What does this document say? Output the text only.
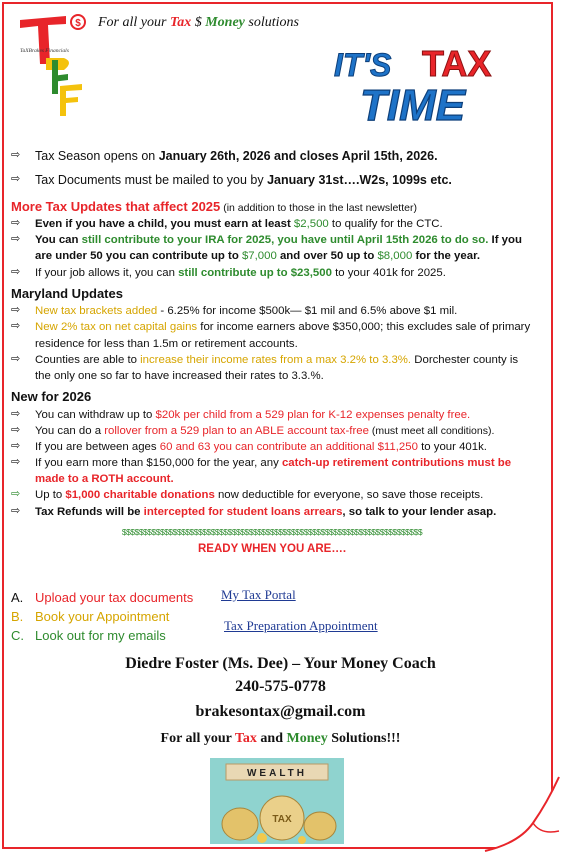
$
TaXBrakes Financials
For all your Tax $ Money solutions
IT'S TAX
TIME
⇨ Tax Season opens on January 26th, 2026 and closes April 15th, 2026.
⇨ Tax Documents must be mailed to you by January 31st….W2s, 1099s etc.
More Tax Updates that affect 2025 (in addition to those in the last newsletter)
⇨ Even if you have a child, you must earn at least $2,500 to qualify for the CTC.
⇨ You can still contribute to your IRA for 2025, you have until April 15th 2026 to do so. If you are under 50 you can contribute up to $7,000 and over 50 up to $8,000 for the year.
⇨ If your job allows it, you can still contribute up to $23,500 to your 401k for 2025.
Maryland Updates
⇨ New tax brackets added - 6.25% for income $500k— $1 mil and 6.5% above $1 mil.
⇨ New 2% tax on net capital gains for income earners above $350,000; this excludes sale of primary residence for less than 1.5m or retirement accounts.
⇨ Counties are able to increase their income rates from a max 3.2% to 3.3%. Dorchester county is the only one so far to have increased their rates to 3.3.%.
New for 2026
⇨ You can withdraw up to $20k per child from a 529 plan for K-12 expenses penalty free.
⇨ You can do a rollover from a 529 plan to an ABLE account tax-free (must meet all conditions).
⇨ If you are between ages 60 and 63 you can contribute an additional $11,250 to your 401k.
⇨ If you earn more than $150,000 for the year, any catch-up retirement contributions must be made to a ROTH account.
⇨ Up to $1,000 charitable donations now deductible for everyone, so save those receipts.
⇨ Tax Refunds will be intercepted for student loans arrears, so talk to your lender asap.
$$$$$$$$$$$$$$$$$$$$$$$$$$$$$$$$$$$$$$$$$$$$$$$$$$$$$$$$$$$$$$$$$$$$$$$
READY WHEN YOU ARE….
A. Upload your tax documents
B. Book your Appointment
C. Look out for my emails
My Tax Portal
Tax Preparation Appointment
Diedre Foster (Ms. Dee) – Your Money Coach
240-575-0778
brakesontax@gmail.com
For all your Tax and Money Solutions!!!
WEALTH
TAX
